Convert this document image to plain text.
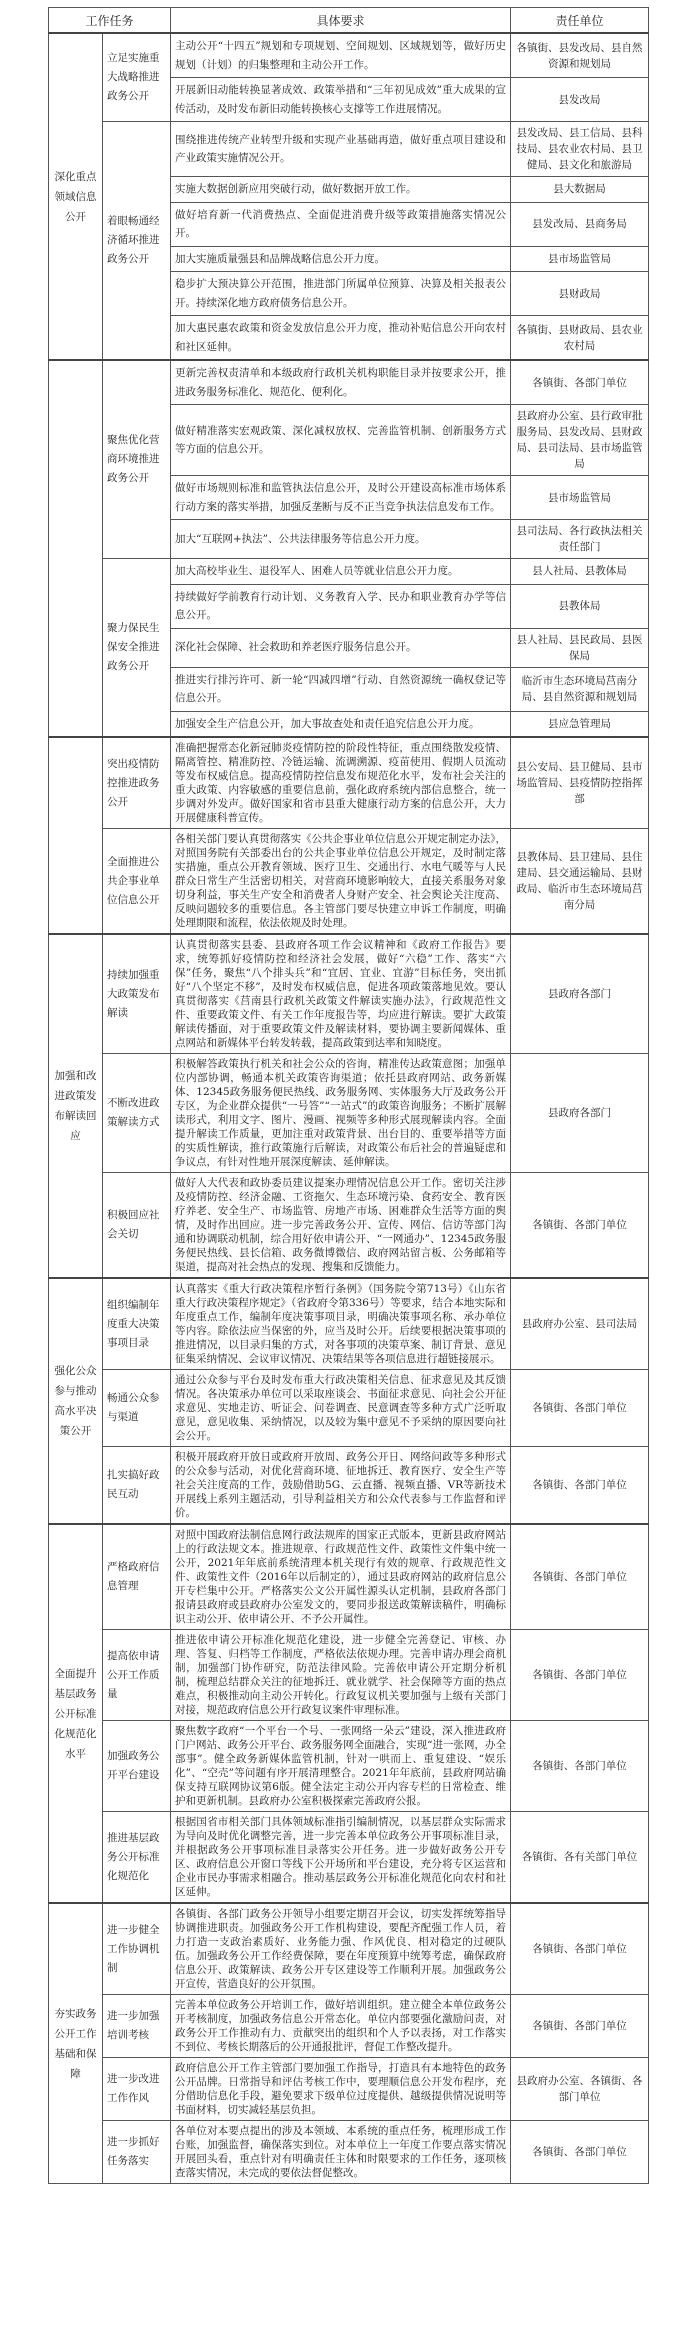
工作任务		具体要求	责任单位
深化重点领域信息公开	立足实施重大战略推进政务公开	主动公开“十四五”规划和专项规划、空间规划、区域规划等，做好历史规划（计划）的归集整理和主动公开工作。	各镇街、县发改局、县自然资源和规划局
		开展新旧动能转换显著成效、政策举措和“三年初见成效”重大成果的宣传活动，及时发布新旧动能转换核心支撑等工作进展情况。	县发改局
	着眼畅通经济循环推进政务公开	围绕推进传统产业转型升级和实现产业基础再造，做好重点项目建设和产业政策实施情况公开。	县发改局、县工信局、县科技局、县农业农村局、县卫健局、县文化和旅游局
		实施大数据创新应用突破行动，做好数据开放工作。	县大数据局
		做好培育新一代消费热点、全面促进消费升级等政策措施落实情况公开。	县发改局、县商务局
		加大实施质量强县和品牌战略信息公开力度。	县市场监管局
		稳步扩大预决算公开范围，推进部门所属单位预算、决算及相关报表公开。持续深化地方政府债务信息公开。	县财政局
		加大惠民惠农政策和资金发放信息公开力度，推动补贴信息公开向农村和社区延伸。	各镇街、县财政局、县农业农村局
	聚焦优化营商环境推进政务公开	更新完善权责清单和本级政府行政机关机构职能目录并按要求公开，推进政务服务标准化、规范化、便利化。	各镇街、各部门单位
		做好精准落实宏观政策、深化减权放权、完善监管机制、创新服务方式等方面的信息公开。	县政府办公室、县行政审批服务局、县发改局、县财政局、县司法局、县市场监管局
		做好市场规则标准和监管执法信息公开，及时公开建设高标准市场体系行动方案的落实举措，加强反垄断与反不正当竞争执法信息发布工作。	县市场监管局
		加大“互联网+执法”、公共法律服务等信息公开力度。	县司法局、各行政执法相关责任部门
	聚力保民生保安全推进政务公开	加大高校毕业生、退役军人、困难人员等就业信息公开力度。	县人社局、县教体局
		持续做好学前教育行动计划、义务教育入学、民办和职业教育办学等信息公开。	县教体局
		深化社会保障、社会救助和养老医疗服务信息公开。	县人社局、县民政局、县医保局
		推进实行排污许可、新一轮“四减四增”行动、自然资源统一确权登记等信息公开。	临沂市生态环境局莒南分局、县自然资源和规划局
		加强安全生产信息公开，加大事故查处和责任追究信息公开力度。	县应急管理局
	突出疫情防控推进政务公开	准确把握常态化新冠肺炎疫情防控的阶段性特征，重点围绕散发疫情、隔离管控、精准防控、冷链运输、流调溯源、疫苗使用、假期人员流动等发布权威信息。提高疫情防控信息发布规范化水平，发布社会关注的重大政策、内容敏感的重要信息前，强化政府系统内部信息整合，统一步调对外发声。做好国家和省市县重大健康行动方案的信息公开，大力开展健康科普宣传。	县公安局、县卫健局、县市场监管局、县疫情防控指挥部
	全面推进公共企事业单位信息公开	各相关部门要认真贯彻落实《公共企事业单位信息公开规定制定办法》，对照国务院有关部委出台的公共企事业单位信息公开规定，及时制定落实措施，重点公开教育领域、医疗卫生、交通出行、水电气暖等与人民群众日常生产生活密切相关，对营商环境影响较大，直接关系服务对象切身利益，事关生产安全和消费者人身财产安全、社会舆论关注度高、反映问题较多的重要信息。各主管部门要尽快建立申诉工作制度，明确处理期限和流程，依法依规及时处理。	县教体局、县卫建局、县住建局、县交通运输局、县财政局、临沂市生态环境局莒南分局
加强和改进政策发布解读回应	持续加强重大政策发布解读	认真贯彻落实县委、县政府各项工作会议精神和《政府工作报告》要求，统筹抓好疫情防控和经济社会发展，做好“六稳”工作、落实“六保”任务，聚焦“八个排头兵”和“宜居、宜业、宜游”目标任务，突出抓好“八个坚定不移”，及时发布权威信息，促进各项政策落地见效。要认真贯彻落实《莒南县行政机关政策文件解读实施办法》，行政规范性文件、重要政策文件、有关工作年度报告等，均应进行解读。要扩大政策解读传播面，对于重要政策文件及解读材料，要协调主要新闻媒体、重点网站和新媒体平台转发转载，提高政策到达率和知晓度。	县政府各部门
	不断改进政策解读方式	积极解答政策执行机关和社会公众的咨询，精准传达政策意图；加强单位内部协调，畅通本机关政策咨询渠道；依托县政府网站、政务新媒体、12345政务服务便民热线、政务服务网、实体服务大厅及政务公开专区，为企业群众提供“一号答”“一站式”的政策咨询服务；不断扩展解读形式，利用文字、图片、漫画、视频等多种形式展现解读内容。全面提升解读工作质量，更加注重对政策背景、出台目的、重要举措等方面的实质性解读，推行政策施行后解读，对政策公布后社会的普遍疑虑和争议点，有针对性地开展深度解读、延伸解读。	县政府各部门
	积极回应社会关切	做好人大代表和政协委员建议提案办理情况信息公开工作。密切关注涉及疫情防控、经济金融、工资拖欠、生态环境污染、食药安全、教育医疗养老、安全生产、市场监管、房地产市场、困难群众生活等方面的舆情，及时作出回应。进一步完善政务公开、宣传、网信、信访等部门沟通和协调联动机制，综合用好依申请公开、“一网通办”、12345政务服务便民热线、县长信箱、政务微博微信、政府网站留言板、公务邮箱等渠道，提高对社会热点的发现、搜集和反馈能力。	各镇街、各部门单位
强化公众参与推动高水平决策公开	组织编制年度重大决策事项目录	认真落实《重大行政决策程序暂行条例》（国务院令第713号）《山东省重大行政决策程序规定》（省政府令第336号）等要求，结合本地实际和年度重点工作，编制年度决策事项目录，明确决策事项名称、承办单位等内容。除依法应当保密的外，应当及时公开。后续要根据决策事项的推进情况，以目录归集的方式，对各事项的决策草案、制订背景、意见征集采纳情况、会议审议情况、决策结果等各项信息进行超链接展示。	县政府办公室、县司法局
	畅通公众参与渠道	通过公众参与平台及时发布重大行政决策相关信息、征求意见及其反馈情况。各决策承办单位可以采取座谈会、书面征求意见、向社会公开征求意见、实地走访、听证会、问卷调查、民意调查等多种方式广泛听取意见，意见收集、采纳情况，以及较为集中意见不予采纳的原因要向社会公开。	各镇街、各部门单位
	扎实搞好政民互动	积极开展政府开放日或政府开放周、政务公开日、网络问政等多种形式的公众参与活动，对优化营商环境、征地拆迁、教育医疗、安全生产等社会关注度高的工作，鼓励借助5G、云直播、视频直播、VR等新技术开展线上系列主题活动，引导利益相关方和公众代表参与工作监督和评价。	各镇街、各部门单位
全面提升基层政务公开标准化规范化水平	严格政府信息管理	对照中国政府法制信息网行政法规库的国家正式版本，更新县政府网站上的行政法规文本。推进规章、行政规范性文件、政策性文件集中统一公开，2021年年底前系统清理本机关现行有效的规章、行政规范性文件、政策性文件（2016年以后制定的），通过县政府网站的政府信息公开专栏集中公开。严格落实公文公开属性源头认定机制，县政府各部门报请县政府或县政府办公室发文的，要同步报送政策解读稿件，明确标识主动公开、依申请公开、不予公开属性。	各镇街、各部门单位
	提高依申请公开工作质量	推进依申请公开标准化规范化建设，进一步健全完善登记、审核、办理、答复、归档等工作制度，严格依法依规办理。完善申请办理会商机制，加强部门协作研究，防范法律风险。完善依申请公开定期分析机制，梳理总结群众关注的征地拆迁、就业就学、社会保障等方面的热点难点，积极推动向主动公开转化。行政复议机关要加强与上级有关部门对接，规范政府信息公开行政复议案件审理标准。	各镇街、各部门单位
	加强政务公开平台建设	聚焦数字政府“一个平台一个号、一张网络一朵云”建设，深入推进政府门户网站、政务公开平台、政务服务网全面融合，实现“进一张网，办全部事”。健全政务新媒体监管机制，针对一哄而上、重复建设、“娱乐化”、“空壳”等问题有序开展清理整合。2021年年底前，县政府网站确保支持互联网协议第6版。健全法定主动公开内容专栏的日常检查、维护和更新机制。县政府办公室积极探索完善政府公报。	各镇街、各部门单位
	推进基层政务公开标准化规范化	根据国省市相关部门具体领域标准指引编制情况，以基层群众实际需求为导向及时优化调整完善，进一步完善本单位政务公开事项标准目录，并根据政务公开事项标准目录落实公开任务。进一步做好政务公开专区、政府信息公开窗口等线下公开场所和平台建设，充分将专区运营和企业市民办事需求相融合。推动基层政务公开标准化规范化向农村和社区延伸。	各镇街、各有关部门单位
夯实政务公开工作基础和保障	进一步健全工作协调机制	各镇街、各部门政务公开领导小组要定期召开会议，切实发挥统筹指导协调推进职责。加强政务公开工作机构建设，要配齐配强工作人员，着力打造一支政治素质好、业务能力强、作风优良、相对稳定的过硬队伍。加强政务公开工作经费保障，要在年度预算中统筹考虑，确保政府信息公开、政策解读、政务公开专区建设等工作顺利开展。加强政务公开宣传，营造良好的公开氛围。	各镇街、各部门单位
	进一步加强培训考核	完善本单位政务公开培训工作，做好培训组织。建立健全本单位政务公开考核制度，加强政务信息公开常态化。单位内部要强化激励问责，对政务公开工作推动有力、贡献突出的组织和个人予以表扬，对工作落实不到位、考核长期落后的公开通报批评，督促工作整改提升。	各镇街、各部门单位
	进一步改进工作作风	政府信息公开工作主管部门要加强工作指导，打造具有本地特色的政务公开品牌。日常指导和评估考核工作中，要理顺信息公开发布程序，充分借助信息化手段，避免要求下级单位过度提供、越级提供情况说明等书面材料，切实减轻基层负担。	县政府办公室、各镇街、各部门单位
	进一步抓好任务落实	各单位对本要点提出的涉及本领域、本系统的重点任务，梳理形成工作台账，加强监督，确保落实到位。对本单位上一年度工作要点落实情况开展回头看，重点针对有明确责任主体和时限要求的工作任务，逐项核查落实情况，未完成的要依法督促整改。	各镇街、各部门单位
